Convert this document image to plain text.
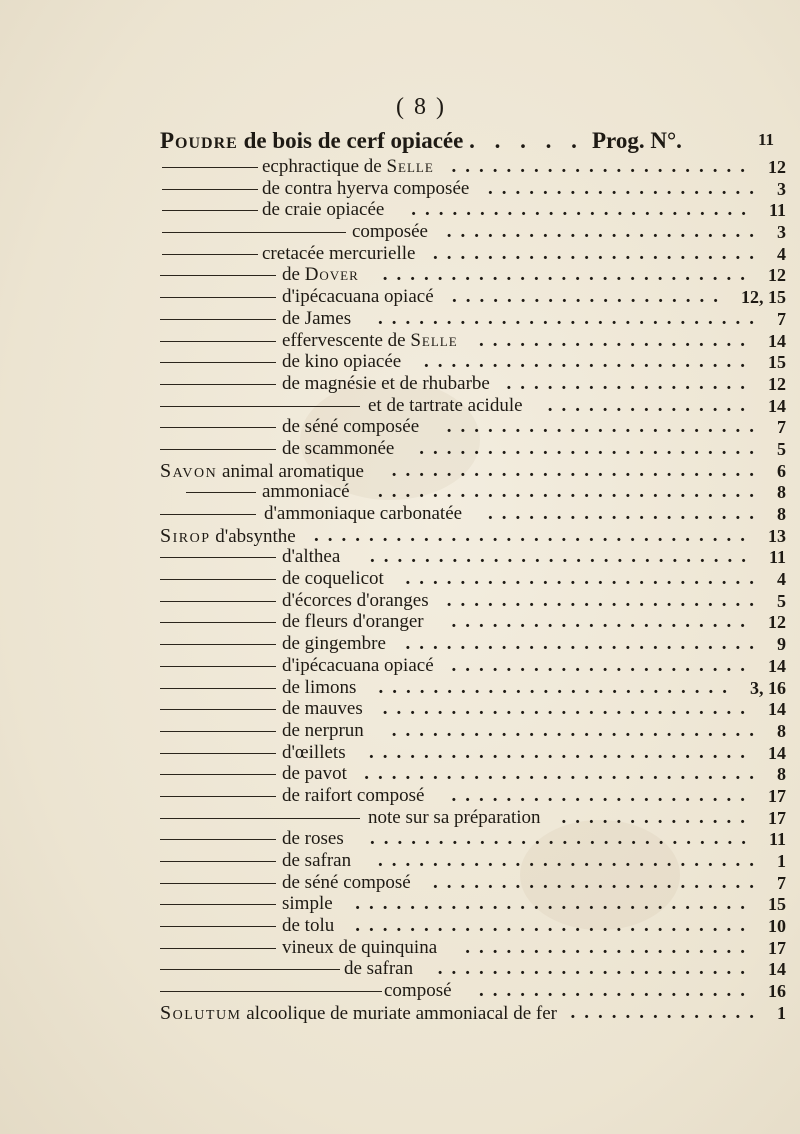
( 8 )
Poudre de bois de cerf opiacée . . . . . Prog. N°.	11
ecphractique de Selle	12
......................
de contra hyerva composée	3
....................
de craie opiacée	11
.........................
composée	3
.......................
cretacée mercurielle	4
........................
de Dover	12
...........................
d'ipécacuana opiacé	12, 15
....................
de James	7
............................
effervescente de Selle	14
....................
de kino opiacée	15
........................
de magnésie et de rhubarbe	12
..................
et de tartrate acidule	14
...............
de séné composée	7
.......................
de scammonée	5
.........................
Savon animal aromatique	6
...........................
ammoniacé	8
............................
d'ammoniaque carbonatée	8
....................
Sirop d'absynthe	13
................................
d'althea	11
............................
de coquelicot	4
..........................
d'écorces d'oranges	5
.......................
de fleurs d'oranger	12
......................
de gingembre	9
..........................
d'ipécacuana opiacé	14
......................
de limons	3, 16
..........................
de mauves	14
...........................
de nerprun	8
...........................
d'œillets	14
............................
de pavot	8
.............................
de raifort composé	17
......................
note sur sa préparation	17
..............
de roses	11
............................
de safran	1
............................
de séné composé	7
........................
simple	15
.............................
de tolu	10
.............................
vineux de quinquina	17
.....................
de safran	14
.......................
composé	16
....................
Solutum alcoolique de muriate ammoniacal de fer	1
..............
